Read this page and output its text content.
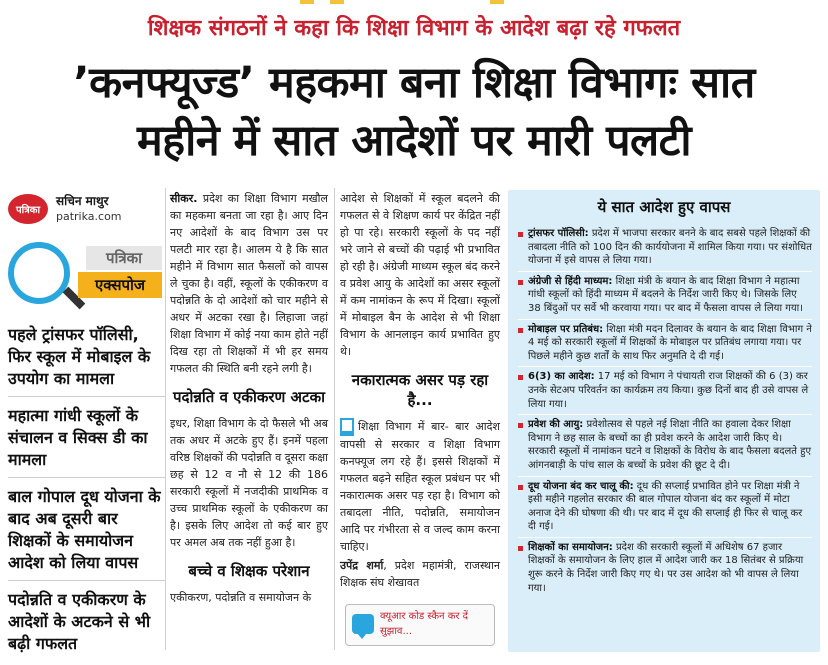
शिक्षक संगठनों ने कहा कि शिक्षा विभाग के आदेश बढ़ा रहे गफलत
’कनफ्यूज्ड’ महकमा बना शिक्षा विभागः सात
महीने में सात आदेशों पर मारी पलटी
पत्रिका
सचिन माथुर
patrika.com
पत्रिका
एक्सपोज
पहले ट्रांसफर पॉलिसी, फिर स्कूल में मोबाइल के उपयोग का मामला
महात्मा गांधी स्कूलों के संचालन व सिक्स डी का मामला
बाल गोपाल दूध योजना के बाद अब दूसरी बार शिक्षकों के समायोजन आदेश को लिया वापस
पदोन्नति व एकीकरण के आदेशों के अटकने से भी बढ़ी गफलत

सीकर. प्रदेश का शिक्षा विभाग मखौल का महकमा बनता जा रहा है। आए दिन नए आदेशों के बाद विभाग उस पर पलटी मार रहा है। आलम ये है कि सात महीने में विभाग सात फैसलों को वापस ले चुका है। वहीं, स्कूलों के एकीकरण व पदोन्नति के दो आदेशों को चार महीने से अधर में अटका रखा है। लिहाजा जहां शिक्षा विभाग में कोई नया काम होते नहीं दिख रहा तो शिक्षकों में भी हर समय गफलत की स्थिति बनी रहने लगी है।

पदोन्नति व एकीकरण अटका

इधर, शिक्षा विभाग के दो फैसले भी अब तक अधर में अटके हुए हैं। इनमें पहला वरिष्ठ शिक्षकों की पदोन्नति व दूसरा कक्षा छह से 12 व नौ से 12 की 186 सरकारी स्कूलों में नजदीकी प्राथमिक व उच्च प्राथमिक स्कूलों के एकीकरण का है। इसके लिए आदेश तो कई बार हुए पर अमल अब तक नहीं हुआ है।

बच्चे व शिक्षक परेशान

एकीकरण, पदोन्नति व समायोजन के

आदेश से शिक्षकों में स्कूल बदलने की गफलत से वे शिक्षण कार्य पर केंद्रित नहीं हो पा रहे। सरकारी स्कूलों के पद नहीं भरे जाने से बच्चों की पढ़ाई भी प्रभावित हो रही है। अंग्रेजी माध्यम स्कूल बंद करने व प्रवेश आयु के आदेशों का असर स्कूलों में कम नामांकन के रूप में दिखा। स्कूलों में मोबाइल बैन के आदेश से भी शिक्षा विभाग के आनलाइन कार्य प्रभावित हुए थे।

नकारात्मक असर पड़ रहा है...

शिक्षा विभाग में बार- बार आदेश वापसी से सरकार व शिक्षा विभाग कनफ्यूज लग रहे हैं। इससे शिक्षकों में गफलत बढ़ने सहित स्कूल प्रबंधन पर भी नकारात्मक असर पड़ रहा है। विभाग को तबादला नीति, पदोन्नति, समायोजन आदि पर गंभीरता से व जल्द काम करना चाहिए।

उपेंद्र शर्मा, प्रदेश महामंत्री, राजस्थान शिक्षक संघ शेखावत

क्यूआर कोड स्कैन कर दें सुझाव...
ये सात आदेश हुए वापस
ट्रांसफर पॉलिसी: प्रदेश में भाजपा सरकार बनने के बाद सबसे पहले शिक्षकों की तबादला नीति को 100 दिन की कार्ययोजना में शामिल किया गया। पर संशोधित योजना में इसे वापस ले लिया गया।
अंग्रेजी से हिंदी माध्यम: शिक्षा मंत्री के बयान के बाद शिक्षा विभाग ने महात्मा गांधी स्कूलों को हिंदी माध्यम में बदलने के निर्देश जारी किए थे। जिसके लिए 38 बिंदुओं पर सर्वे भी करवाया गया। पर बाद में फैसला वापस ले लिया गया।
मोबाइल पर प्रतिबंध: शिक्षा मंत्री मदन दिलावर के बयान के बाद शिक्षा विभाग ने 4 मई को सरकारी स्कूलों में शिक्षकों के मोबाइल पर प्रतिबंध लगाया गया। पर पिछले महीने कुछ शर्तों के साथ फिर अनुमति दे दी गई।
6(3) का आदेश: 17 मई को विभाग ने पंचायती राज शिक्षकों की 6 (3) कर उनके सेटअप परिवर्तन का कार्यक्रम तय किया। कुछ दिनों बाद ही उसे वापस ले लिया गया।
प्रवेश की आयु: प्रवेशोत्सव से पहले नई शिक्षा नीति का हवाला देकर शिक्षा विभाग ने छह साल के बच्चों का ही प्रवेश करने के आदेश जारी किए थे। सरकारी स्कूलों में नामांकन घटने व शिक्षकों के विरोध के बाद फैसला बदलते हुए आंगनबाड़ी के पांच साल के बच्चों के प्रवेश की छूट दे दी।
दूध योजना बंद कर चालू की: दूध की सप्लाई प्रभावित होने पर शिक्षा मंत्री ने इसी महीने गहलोत सरकार की बाल गोपाल योजना बंद कर स्कूलों में मोटा अनाज देने की घोषणा की थी। पर बाद में दूध की सप्लाई ही फिर से चालू कर दी गई।
शिक्षकों का समायोजन: प्रदेश की सरकारी स्कूलों में अधिशेष 67 हजार शिक्षकों के समायोजन के लिए हाल में आदेश जारी कर 18 सितंबर से प्रक्रिया शुरू करने के निर्देश जारी किए गए थे। पर उस आदेश को भी वापस ले लिया गया।
